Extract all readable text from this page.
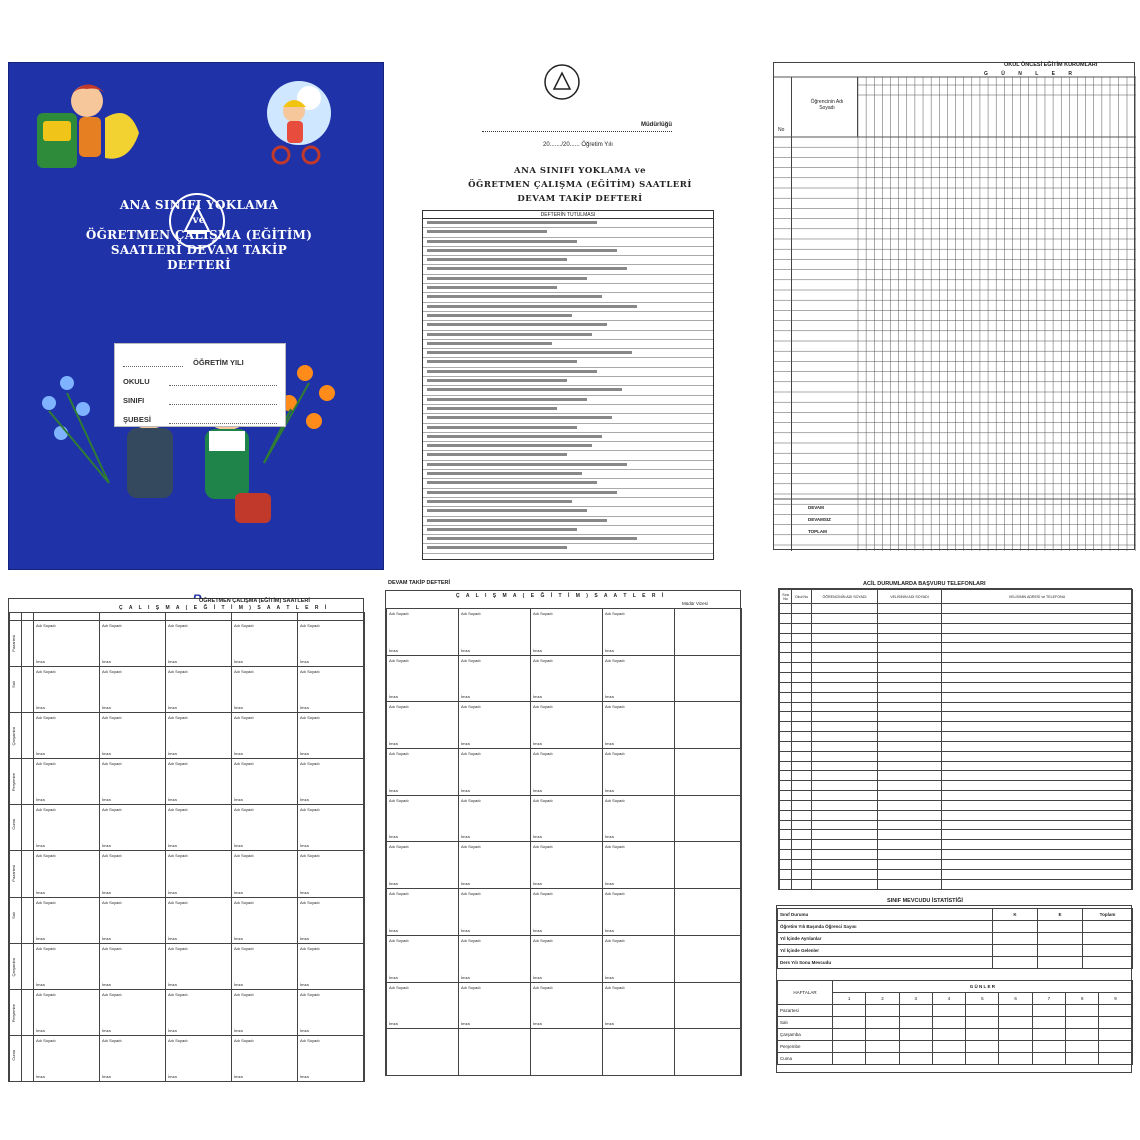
ANA SINIFI YOKLAMA
ve
ÖĞRETMEN ÇALIŞMA (EĞİTİM)
SAATLERİ DEVAM TAKİP
DEFTERİ
ÖĞRETİM YILI
OKULU
SINIFI
ŞUBESİ
Müdürlüğü
20......./20...... Öğretim Yılı
ANA SINIFI YOKLAMA ve
ÖĞRETMEN ÇALIŞMA (EĞİTİM) SAATLERİ
DEVAM TAKİP DEFTERİ
DEFTERİN TUTULMASI
OKUL ÖNCESİ EĞİTİM KURUMLARI
G Ü N L E R
No
Öğrencinin Adı Soyadı
DEVAM
DEVAMSIZ
TOPLAM
ÖĞRETMEN ÇALIŞMA (EĞİTİM) SAATLERİ
Ç A L I Ş M A ( E Ğ İ T İ M ) S A A T L E R İ

Pazartesi		Adı Soyadı
İmza	Adı Soyadı
İmza	Adı Soyadı
İmza	Adı Soyadı
İmza	Adı Soyadı
İmza

Salı		Adı Soyadı
İmza	Adı Soyadı
İmza	Adı Soyadı
İmza	Adı Soyadı
İmza	Adı Soyadı
İmza

Çarşamba		Adı Soyadı
İmza	Adı Soyadı
İmza	Adı Soyadı
İmza	Adı Soyadı
İmza	Adı Soyadı
İmza

Perşembe		Adı Soyadı
İmza	Adı Soyadı
İmza	Adı Soyadı
İmza	Adı Soyadı
İmza	Adı Soyadı
İmza

Cuma		Adı Soyadı
İmza	Adı Soyadı
İmza	Adı Soyadı
İmza	Adı Soyadı
İmza	Adı Soyadı
İmza

Pazartesi		Adı Soyadı
İmza	Adı Soyadı
İmza	Adı Soyadı
İmza	Adı Soyadı
İmza	Adı Soyadı
İmza

Salı		Adı Soyadı
İmza	Adı Soyadı
İmza	Adı Soyadı
İmza	Adı Soyadı
İmza	Adı Soyadı
İmza

Çarşamba		Adı Soyadı
İmza	Adı Soyadı
İmza	Adı Soyadı
İmza	Adı Soyadı
İmza	Adı Soyadı
İmza

Perşembe		Adı Soyadı
İmza	Adı Soyadı
İmza	Adı Soyadı
İmza	Adı Soyadı
İmza	Adı Soyadı
İmza

Cuma		Adı Soyadı
İmza	Adı Soyadı
İmza	Adı Soyadı
İmza	Adı Soyadı
İmza	Adı Soyadı
İmza
DEVAM TAKİP DEFTERİ
Ç A L I Ş M A ( E Ğ İ T İ M ) S A A T L E R İ
Müdür Vizesi
Adı Soyadı
İmza	Adı Soyadı
İmza	Adı Soyadı
İmza	Adı Soyadı
İmza	

Adı Soyadı
İmza	Adı Soyadı
İmza	Adı Soyadı
İmza	Adı Soyadı
İmza	

Adı Soyadı
İmza	Adı Soyadı
İmza	Adı Soyadı
İmza	Adı Soyadı
İmza	

Adı Soyadı
İmza	Adı Soyadı
İmza	Adı Soyadı
İmza	Adı Soyadı
İmza	

Adı Soyadı
İmza	Adı Soyadı
İmza	Adı Soyadı
İmza	Adı Soyadı
İmza	

Adı Soyadı
İmza	Adı Soyadı
İmza	Adı Soyadı
İmza	Adı Soyadı
İmza	

Adı Soyadı
İmza	Adı Soyadı
İmza	Adı Soyadı
İmza	Adı Soyadı
İmza	

Adı Soyadı
İmza	Adı Soyadı
İmza	Adı Soyadı
İmza	Adı Soyadı
İmza	

Adı Soyadı
İmza	Adı Soyadı
İmza	Adı Soyadı
İmza	Adı Soyadı
İmza	

ACİL DURUMLARDA BAŞVURU TELEFONLARI
Sıra No	Okul No	ÖĞRENCİNİN ADI SOYADI	VELİSİNİN ADI SOYADI	VELİSİNİN ADRESİ ve TELEFONU

SINIF MEVCUDU İSTATİSTİĞİ
Sınıf Durumu	K	E	Toplam
Öğretim Yılı Başında Öğrenci Sayısı			
Yıl İçinde Ayrılanlar			
Yıl İçinde Gelenler			
Ders Yılı Sonu Mevcudu			
HAFTALAR	G Ü N L E R								
	1	2	3	4	5	6	7	8	9
Pazartesi									
Salı									
Çarşamba									
Perşembe									
Cuma									
